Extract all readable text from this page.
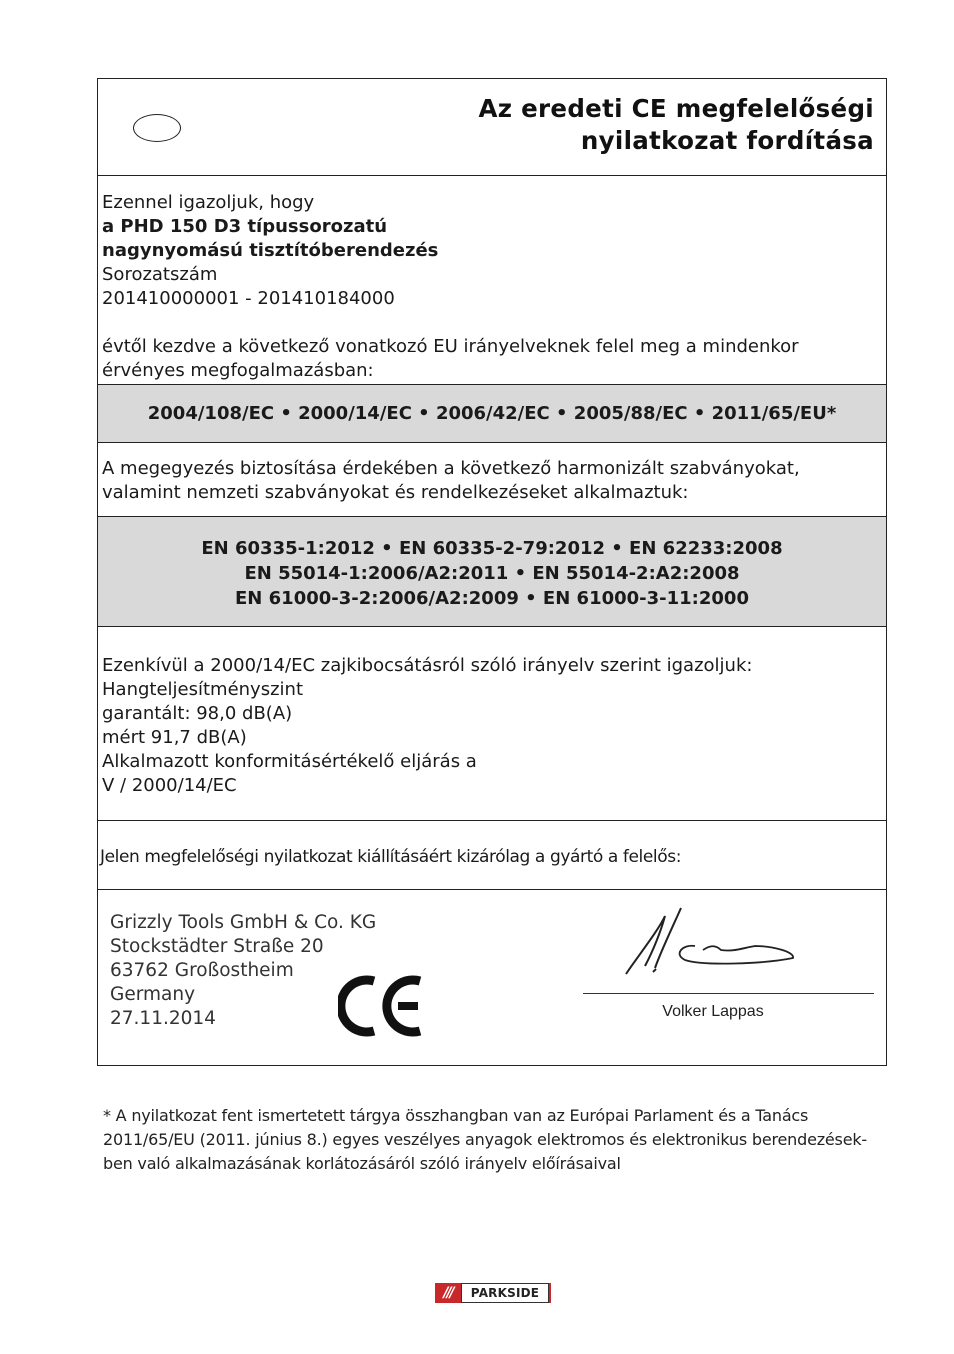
Az eredeti CE megfelelőségi
nyilatkozat fordítása

Ezennel igazoljuk, hogy

a PHD 150 D3 típussorozatú

nagynyomású tisztítóberendezés

Sorozatszám

201410000001 - 201410184000

évtől kezdve a következő vonatkozó EU irányelveknek felel meg a mindenkor érvényes megfogalmazásban:

2004/108/EC • 2000/14/EC • 2006/42/EC • 2005/88/EC • 2011/65/EU*

A megegyezés biztosítása érdekében a következő harmonizált szabványokat, valamint nemzeti szabványokat és rendelkezéseket alkalmaztuk:

EN 60335-1:2012 • EN 60335-2-79:2012 • EN 62233:2008
EN 55014-1:2006/A2:2011 • EN 55014-2:A2:2008
EN 61000-3-2:2006/A2:2009 • EN 61000-3-11:2000

Ezenkívül a 2000/14/EC zajkibocsátásról szóló irányelv szerint igazoljuk:

Hangteljesítményszint

garantált: 98,0 dB(A)

mért 91,7 dB(A)

Alkalmazott konformitásértékelő eljárás a

V / 2000/14/EC

Jelen megfelelőségi nyilatkozat kiállításáért kizárólag a gyártó a felelős:
Grizzly Tools GmbH & Co. KG
Stockstädter Straße 20
63762 Großostheim
Germany
27.11.2014	Volker Lappas
* A nyilatkozat fent ismertetett tárgya összhangban van az Európai Parlament és a Tanács 2011/65/EU (2011. június 8.) egyes veszélyes anyagok elektromos és elektronikus berendezések-ben való alkalmazásának korlátozásáról szóló irányelv előírásaival
///	PARKSIDE
